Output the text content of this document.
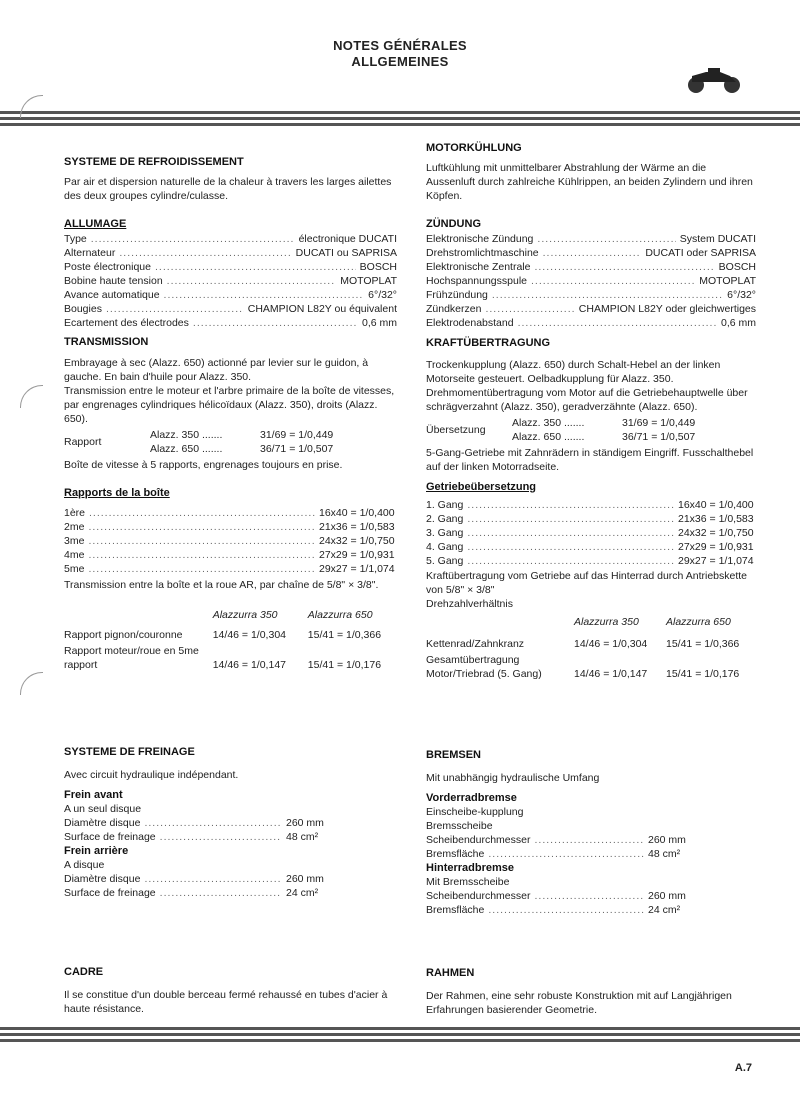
NOTES GÉNÉRALES
ALLGEMEINES
SYSTEME DE REFROIDISSEMENT

Par air et dispersion naturelle de la chaleur à travers les larges ailettes des deux groupes cylindre/culasse.

ALLUMAGE
Type .....	électronique DUCATI
Alternateur .....	DUCATI ou SAPRISA
Poste électronique .....	BOSCH
Bobine haute tension .....	MOTOPLAT
Avance automatique .....	6°/32°
Bougies .....	CHAMPION L82Y ou équivalent
Ecartement des électrodes .....	0,6 mm
TRANSMISSION

Embrayage à sec (Alazz. 650) actionné par levier sur le guidon, à gauche. En bain d'huile pour Alazz. 350.

Transmission entre le moteur et l'arbre primaire de la boîte de vitesses, par engrenages cylindriques hélicoïdaux (Alazz. 350), droits (Alazz. 650).

Rapport
Alazz. 350 .......	31/69 = 1/0,449
Alazz. 650 .......	36/71 = 1/0,507

Boîte de vitesse à 5 rapports, engrenages toujours en prise.

Rapports de la boîte
1ère .....	16x40 = 1/0,400
2me .....	21x36 = 1/0,583
3me .....	24x32 = 1/0,750
4me .....	27x29 = 1/0,931
5me .....	29x27 = 1/1,074

Transmission entre la boîte et la roue AR, par chaîne de 5/8" × 3/8".

	Alazzurra 350	Alazzurra 650

Rapport pignon/couronne	14/46 = 1/0,304	15/41 = 1/0,366
Rapport moteur/roue en 5me rapport	14/46 = 1/0,147	15/41 = 1/0,176
SYSTEME DE FREINAGE

Avec circuit hydraulique indépendant.

Frein avant
A un seul disque
Diamètre disque .....	260 mm
Surface de freinage .....	48 cm²
Frein arrière
A disque
Diamètre disque .....	260 mm
Surface de freinage .....	24 cm²
CADRE

Il se constitue d'un double berceau fermé rehaussé en tubes d'acier à haute résistance.

MOTORKÜHLUNG

Luftkühlung mit unmittelbarer Abstrahlung der Wärme an die Aussenluft durch zahlreiche Kühlrippen, an beiden Zylindern und ihren Köpfen.

ZÜNDUNG
Elektronische Zündung .....	System DUCATI
Drehstromlichtmaschine .....	DUCATI oder SAPRISA
Elektronische Zentrale .....	BOSCH
Hochspannungsspule .....	MOTOPLAT
Frühzündung .....	6°/32°
Zündkerzen .....	CHAMPION L82Y oder gleichwertiges
Elektrodenabstand .....	0,6 mm
KRAFTÜBERTRAGUNG

Trockenkupplung (Alazz. 650) durch Schalt-Hebel an der linken Motorseite gesteuert. Oelbadkupplung für Alazz. 350.

Drehmomentübertragung vom Motor auf die Getriebehauptwelle über schrägverzahnt (Alazz. 350), geradverzähnte (Alazz. 650).

Übersetzung
Alazz. 350 .......	31/69 = 1/0,449
Alazz. 650 .......	36/71 = 1/0,507

5-Gang-Getriebe mit Zahnrädern in ständigem Eingriff. Fusschalthebel auf der linken Motorradseite.

Getriebeübersetzung
1. Gang .....	16x40 = 1/0,400
2. Gang .....	21x36 = 1/0,583
3. Gang .....	24x32 = 1/0,750
4. Gang .....	27x29 = 1/0,931
5. Gang .....	29x27 = 1/1,074

Kraftübertragung vom Getriebe auf das Hinterrad durch Antriebskette von 5/8" × 3/8"

Drehzahlverhältnis

	Alazzurra 350	Alazzurra 650

Kettenrad/Zahnkranz	14/46 = 1/0,304	15/41 = 1/0,366
Gesamtübertragung Motor/Triebrad (5. Gang)	14/46 = 1/0,147	15/41 = 1/0,176
BREMSEN

Mit unabhängig hydraulische Umfang

Vorderradbremse
Einscheibe-kupplung Bremsscheibe
Scheibendurchmesser .....	260 mm
Bremsfläche .....	48 cm²
Hinterradbremse
Mit Bremsscheibe
Scheibendurchmesser .....	260 mm
Bremsfläche .....	24 cm²
RAHMEN

Der Rahmen, eine sehr robuste Konstruktion mit auf Langjährigen Erfahrungen basierender Geometrie.

A.7
